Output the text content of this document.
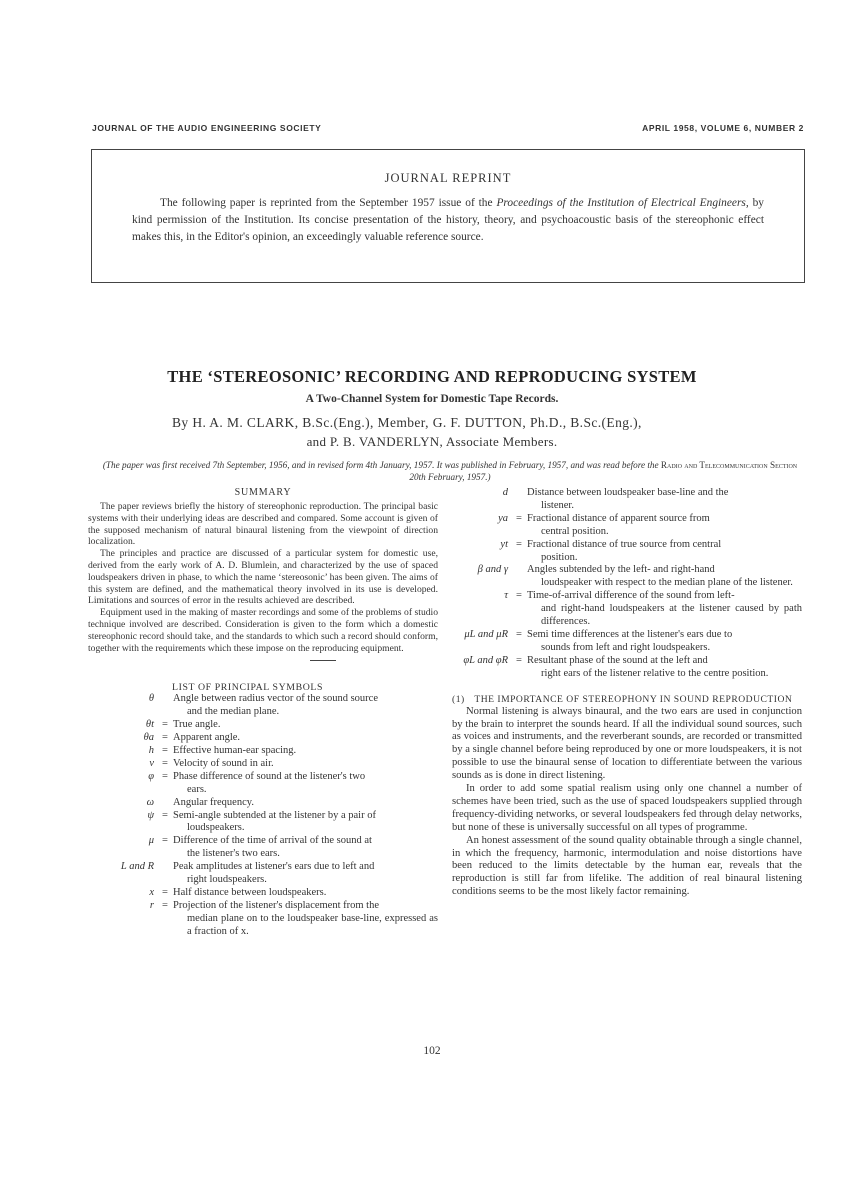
JOURNAL OF THE AUDIO ENGINEERING SOCIETY	APRIL 1958, VOLUME 6, NUMBER 2
JOURNAL REPRINT
The following paper is reprinted from the September 1957 issue of the Proceedings of the Institution of Electrical Engineers, by kind permission of the Institution. Its concise presentation of the history, theory, and psychoacoustic basis of the stereophonic effect makes this, in the Editor's opinion, an exceedingly valuable reference source.
THE ‘STEREOSONIC’ RECORDING AND REPRODUCING SYSTEM
A Two-Channel System for Domestic Tape Records.
By H. A. M. CLARK, B.Sc.(Eng.), Member, G. F. DUTTON, Ph.D., B.Sc.(Eng.),
and P. B. VANDERLYN, Associate Members.
(The paper was first received 7th September, 1956, and in revised form 4th January, 1957. It was published in February, 1957, and was read before the Radio and Telecommunication Section 20th February, 1957.)
SUMMARY

The paper reviews briefly the history of stereophonic reproduction. The principal basic systems with their underlying ideas are described and compared. Some account is given of the supposed mechanism of natural binaural listening from the viewpoint of direction localization.

The principles and practice are discussed of a particular system for domestic use, derived from the early work of A. D. Blumlein, and characterized by the use of spaced loudspeakers driven in phase, to which the name ‘stereosonic’ has been given. The aims of this system are defined, and the mathematical theory involved in its use is developed. Limitations and sources of error in the results achieved are described.

Equipment used in the making of master recordings and some of the problems of studio technique involved are described. Consideration is given to the form which a domestic stereophonic record should take, and the standards to which such a record should conform, together with the requirements which these impose on the reproducing equipment.

LIST OF PRINCIPAL SYMBOLS
θ Angle between radius vector of the sound source
and the median plane.
θt = True angle.
θa = Apparent angle.
h = Effective human-ear spacing.
v = Velocity of sound in air.
φ = Phase difference of sound at the listener's two
ears.
ω Angular frequency.
ψ = Semi-angle subtended at the listener by a pair of
loudspeakers.
μ = Difference of the time of arrival of the sound at
the listener's two ears.
L and R Peak amplitudes at listener's ears due to left and
right loudspeakers.
x = Half distance between loudspeakers.
r = Projection of the listener's displacement from the
median plane on to the loudspeaker base-line, expressed as a fraction of x.
d Distance between loudspeaker base-line and the
listener.
ya = Fractional distance of apparent source from
central position.
yt = Fractional distance of true source from central
position.
β and γ Angles subtended by the left- and right-hand
loudspeaker with respect to the median plane of the listener.
τ = Time-of-arrival difference of the sound from left-
and right-hand loudspeakers at the listener caused by path differences.
μL and μR = Semi time differences at the listener's ears due to
sounds from left and right loudspeakers.
φL and φR = Resultant phase of the sound at the left and
right ears of the listener relative to the centre position.
(1) THE IMPORTANCE OF STEREOPHONY IN SOUND REPRODUCTION

Normal listening is always binaural, and the two ears are used in conjunction by the brain to interpret the sounds heard. If all the individual sound sources, such as voices and instruments, and the reverberant sounds, are recorded or transmitted by a single channel before being reproduced by one or more loudspeakers, it is not possible to use the binaural sense of location to differentiate between the various sounds as is done in direct listening.

In order to add some spatial realism using only one channel a number of schemes have been tried, such as the use of spaced loudspeakers supplied through frequency-dividing networks, or several loudspeakers fed through delay networks, but none of these is universally successful on all types of programme.

An honest assessment of the sound quality obtainable through a single channel, in which the frequency, harmonic, intermodulation and noise distortions have been reduced to the limits detectable by the human ear, reveals that the reproduction is still far from lifelike. The addition of real binaural listening conditions seems to be the most likely factor remaining.

102
